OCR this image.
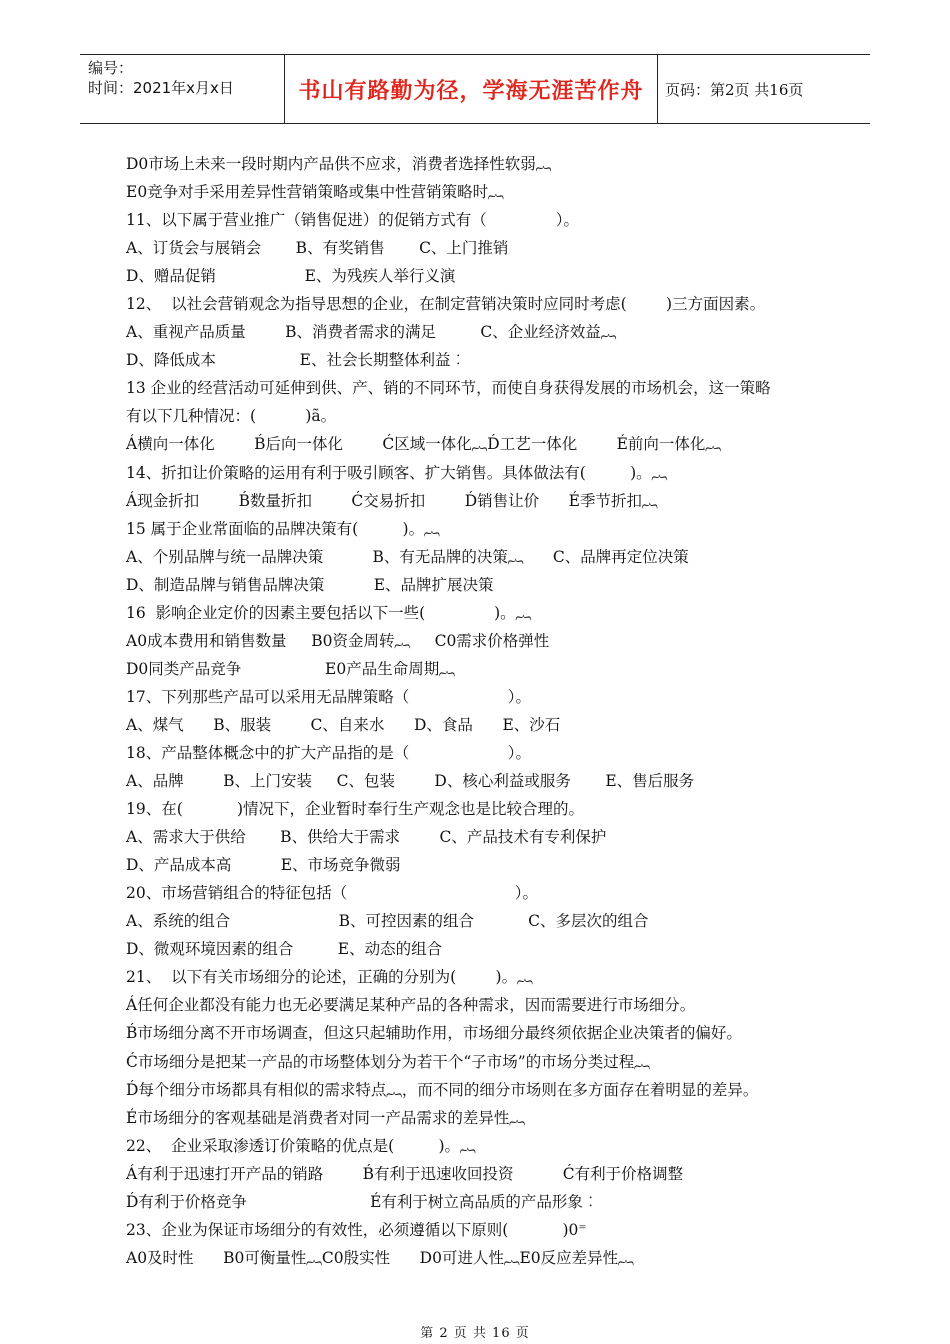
编号：
时间：2021年x月x日	书山有路勤为径，学海无涯苦作舟	页码：第2页 共16页
D0市场上未来一段时期内产品供不应求，消费者选择性软弱︷
E0竞争对手采用差异性营销策略或集中性营销策略时︷
11、以下属于营业推广（销售促进）的促销方式有（              ）。
A、订货会与展销会       B、有奖销售       C、上门推销
D、赠品促销                  E、为残疾人举行义演
12、  以社会营销观念为指导思想的企业，在制定营销决策时应同时考虑(        )三方面因素。
A、重视产品质量        B、消费者需求的满足         C、企业经济效益︷
D、降低成本                 E、社会长期整体利益︰
13 企业的经营活动可延伸到供、产、销的不同环节，而使自身获得发展的市场机会，这一策略
有以下几种情况：(          )ã。
Á横向一体化        B́后向一体化        Ć区域一体化︷D́工艺一体化        É前向一体化︷
14、折扣让价策略的运用有利于吸引顾客、扩大销售。具体做法有(         )。︷
Á现金折扣        B́数量折扣        Ć交易折扣        D́销售让价      É季节折扣︷
15 属于企业常面临的品牌决策有(         )。︷
A、个别品牌与统一品牌决策          B、有无品牌的决策︷      C、品牌再定位决策
D、制造品牌与销售品牌决策          E、品牌扩展决策
16  影响企业定价的因素主要包括以下一些(              )。︷
A0成本费用和销售数量     B0资金周转︷     C0需求价格弹性
D0同类产品竞争                 E0产品生命周期︷
17、下列那些产品可以采用无品牌策略（                    ）。
A、煤气      B、服装        C、自来水      D、食品      E、沙石
18、产品整体概念中的扩大产品指的是（                    ）。
A、品牌        B、上门安装     C、包装        D、核心利益或服务       E、售后服务
19、在(           )情况下，企业暂时奉行生产观念也是比较合理的。
A、需求大于供给       B、供给大于需求        C、产品技术有专利保护
D、产品成本高          E、市场竞争微弱
20、市场营销组合的特征包括（                                  ）。
A、系统的组合                      B、可控因素的组合           C、多层次的组合
D、微观环境因素的组合         E、动态的组合
21、  以下有关市场细分的论述，正确的分别为(        )。︷
Á任何企业都没有能力也无必要满足某种产品的各种需求，因而需要进行市场细分。
B́市场细分离不开市场调查，但这只起辅助作用，市场细分最终须依据企业决策者的偏好。
Ć市场细分是把某一产品的市场整体划分为若干个“子市场”的市场分类过程︷
D́每个细分市场都具有相似的需求特点︷，而不同的细分市场则在多方面存在着明显的差异。
É市场细分的客观基础是消费者对同一产品需求的差异性︷
22、  企业采取渗透订价策略的优点是(         )。︷
Á有利于迅速打开产品的销路        B́有利于迅速收回投资          Ć有利于价格调整
D́有利于价格竞争                         É有利于树立高品质的产品形象︰
23、企业为保证市场细分的有效性，必须遵循以下原则(           )0⁼
A0及时性      B0可衡量性︷C0殷实性      D0可进人性︷E0反应差异性︷
第 2 页 共 16 页
